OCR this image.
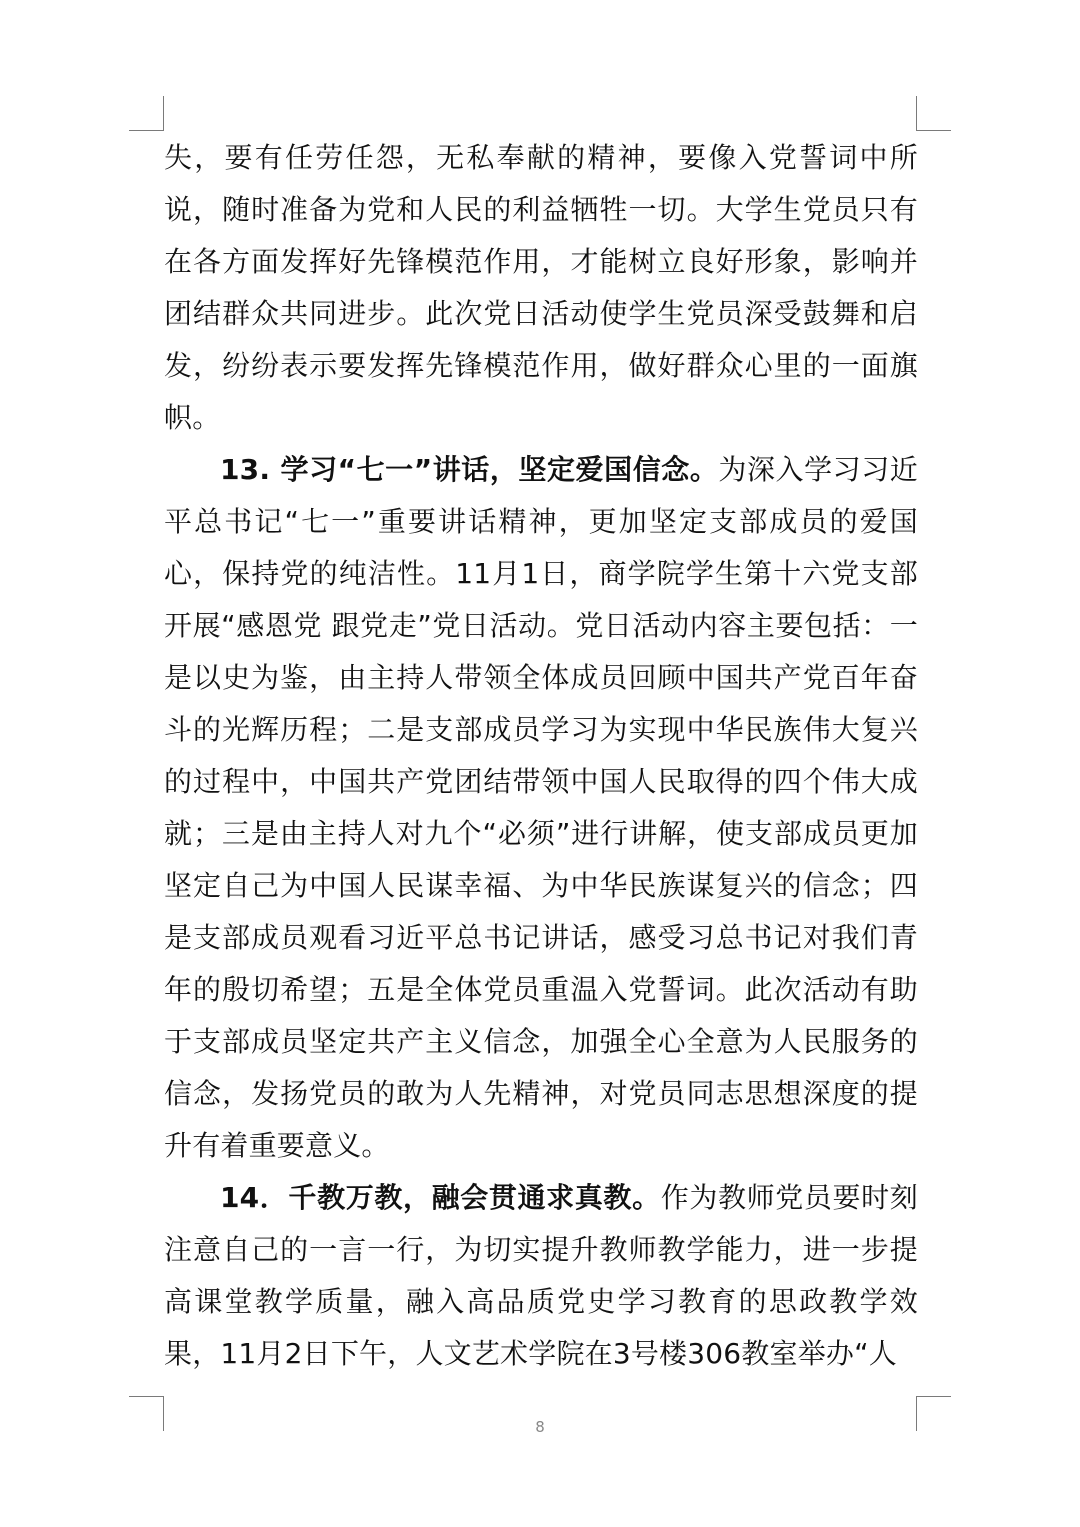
失，要有任劳任怨，无私奉献的精神，要像入党誓词中所说，随时准备为党和人民的利益牺牲一切。大学生党员只有在各方面发挥好先锋模范作用，才能树立良好形象，影响并团结群众共同进步。此次党日活动使学生党员深受鼓舞和启发，纷纷表示要发挥先锋模范作用，做好群众心里的一面旗帜。

13. 学习“七一”讲话，坚定爱国信念。为深入学习习近平总书记“七一”重要讲话精神，更加坚定支部成员的爱国心，保持党的纯洁性。11月1日，商学院学生第十六党支部开展“感恩党 跟党走”党日活动。党日活动内容主要包括：一是以史为鉴，由主持人带领全体成员回顾中国共产党百年奋斗的光辉历程；二是支部成员学习为实现中华民族伟大复兴的过程中，中国共产党团结带领中国人民取得的四个伟大成就；三是由主持人对九个“必须”进行讲解，使支部成员更加坚定自己为中国人民谋幸福、为中华民族谋复兴的信念；四是支部成员观看习近平总书记讲话，感受习总书记对我们青年的殷切希望；五是全体党员重温入党誓词。此次活动有助于支部成员坚定共产主义信念，加强全心全意为人民服务的信念，发扬党员的敢为人先精神，对党员同志思想深度的提升有着重要意义。

14．千教万教，融会贯通求真教。作为教师党员要时刻注意自己的一言一行，为切实提升教师教学能力，进一步提高课堂教学质量，融入高品质党史学习教育的思政教学效果，11月2日下午，人文艺术学院在3号楼306教室举办“人

8
